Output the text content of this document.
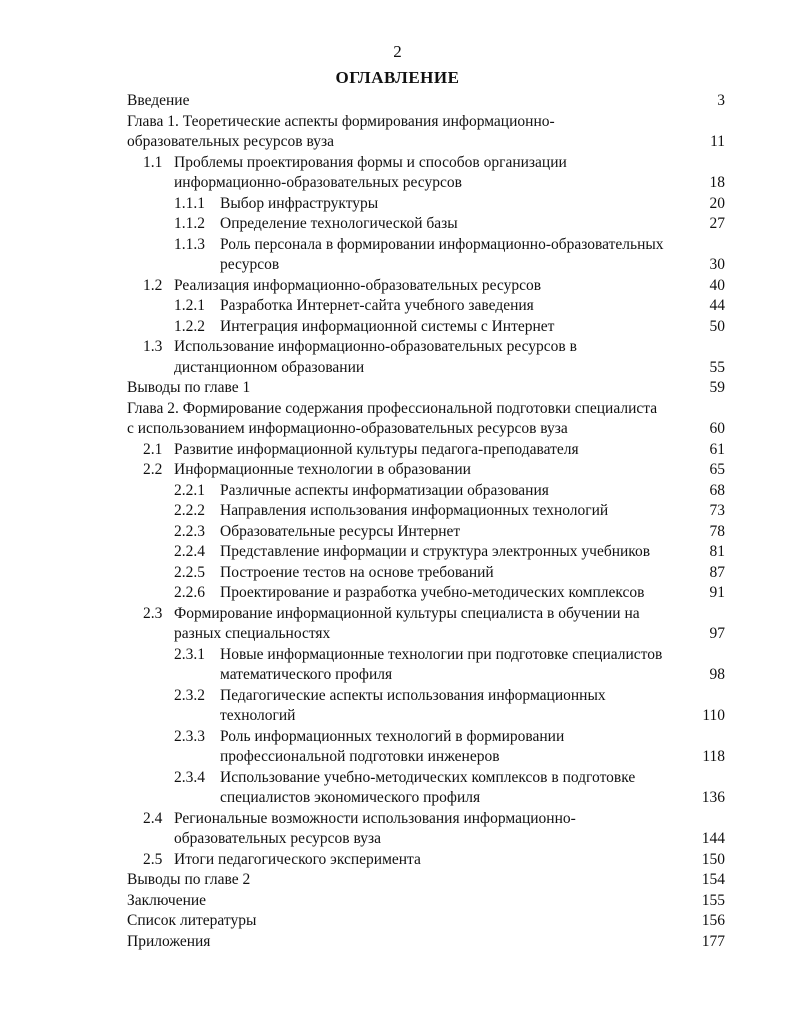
2
ОГЛАВЛЕНИЕ
Введение	3
Глава 1. Теоретические аспекты формирования информационно-
образовательных ресурсов вуза	11
1.1 Проблемы проектирования формы и способов организации
информационно-образовательных ресурсов	18
1.1.1 Выбор инфраструктуры	20
1.1.2 Определение технологической базы	27
1.1.3 Роль персонала в формировании информационно-образовательных
ресурсов	30
1.2 Реализация информационно-образовательных ресурсов	40
1.2.1 Разработка Интернет-сайта учебного заведения	44
1.2.2 Интеграция информационной системы с Интернет	50
1.3 Использование информационно-образовательных ресурсов в
дистанционном образовании	55
Выводы по главе 1	59
Глава 2. Формирование содержания профессиональной подготовки специалиста
с использованием информационно-образовательных ресурсов вуза	60
2.1 Развитие информационной культуры педагога-преподавателя	61
2.2 Информационные технологии в образовании	65
2.2.1 Различные аспекты информатизации образования	68
2.2.2 Направления использования информационных технологий	73
2.2.3 Образовательные ресурсы Интернет	78
2.2.4 Представление информации и структура электронных учебников	81
2.2.5 Построение тестов на основе требований	87
2.2.6 Проектирование и разработка учебно-методических комплексов	91
2.3 Формирование информационной культуры специалиста в обучении на
разных специальностях	97
2.3.1 Новые информационные технологии при подготовке специалистов
математического профиля	98
2.3.2 Педагогические аспекты использования информационных
технологий	110
2.3.3 Роль информационных технологий в формировании
профессиональной подготовки инженеров	118
2.3.4 Использование учебно-методических комплексов в подготовке
специалистов экономического профиля	136
2.4 Региональные возможности использования информационно-
образовательных ресурсов вуза	144
2.5 Итоги педагогического эксперимента	150
Выводы по главе 2	154
Заключение	155
Список литературы	156
Приложения	177
